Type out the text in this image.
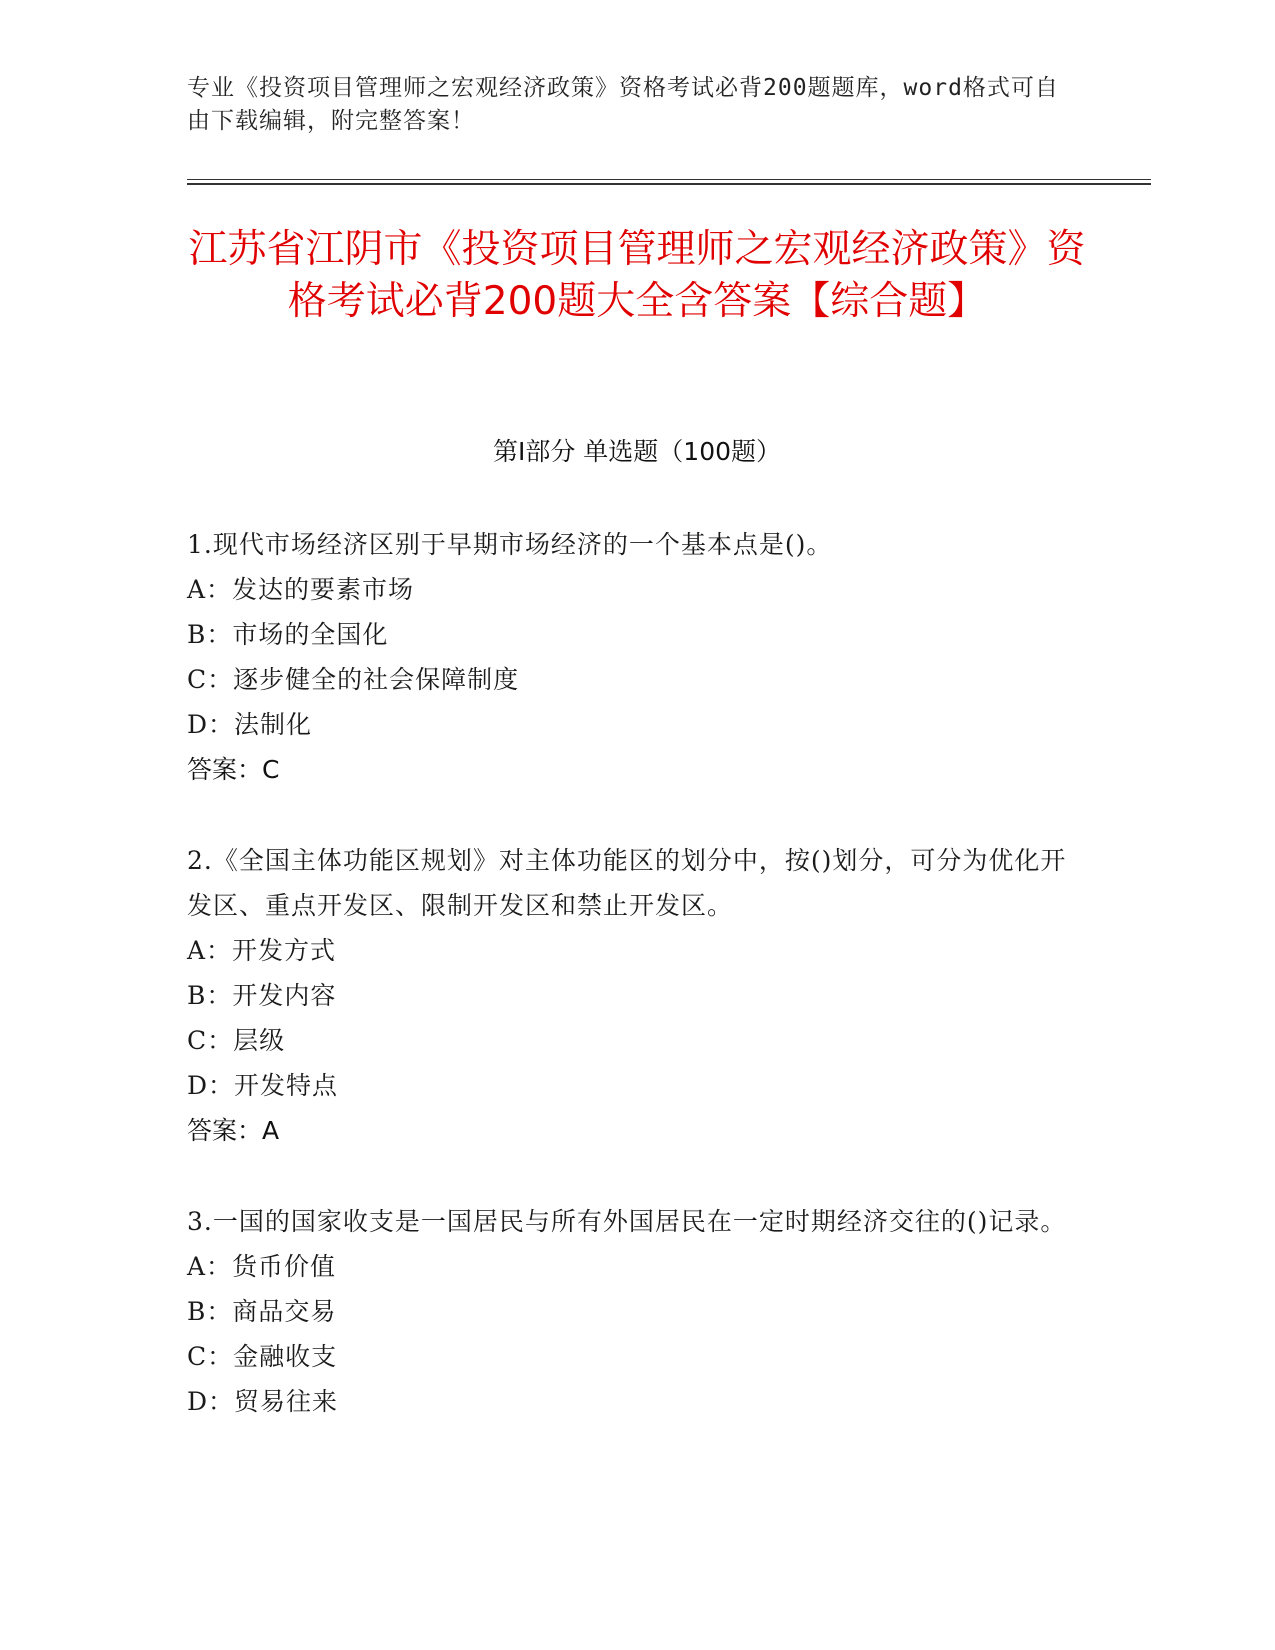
专业《投资项目管理师之宏观经济政策》资格考试必背200题题库，word格式可自由下载编辑，附完整答案！
江苏省江阴市《投资项目管理师之宏观经济政策》资格考试必背200题大全含答案【综合题】
第Ⅰ部分 单选题（100题）
1.现代市场经济区别于早期市场经济的一个基本点是()。
A：发达的要素市场
B：市场的全国化
C：逐步健全的社会保障制度
D：法制化
答案：C
2.《全国主体功能区规划》对主体功能区的划分中，按()划分，可分为优化开发区、重点开发区、限制开发区和禁止开发区。
A：开发方式
B：开发内容
C：层级
D：开发特点
答案：A
3.一国的国家收支是一国居民与所有外国居民在一定时期经济交往的()记录。
A：货币价值
B：商品交易
C：金融收支
D：贸易往来
